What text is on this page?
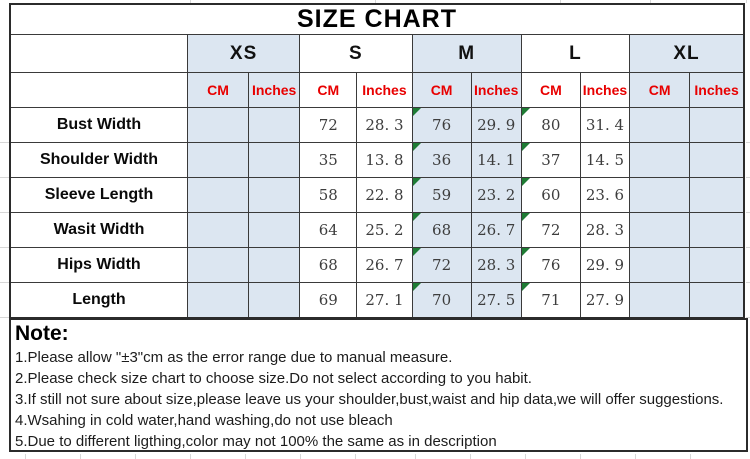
SIZE CHART										
	XS		S		M		L		XL	
	CM	Inches	CM	Inches	CM	Inches	CM	Inches	CM	Inches
Bust Width			72	28. 3	76	29. 9	80	31. 4		
Shoulder Width			35	13. 8	36	14. 1	37	14. 5		
Sleeve Length			58	22. 8	59	23. 2	60	23. 6		
Wasit Width			64	25. 2	68	26. 7	72	28. 3		
Hips Width			68	26. 7	72	28. 3	76	29. 9		
Length			69	27. 1	70	27. 5	71	27. 9		
Note:
1.Please allow "±3"cm as the error range due to manual measure.
2.Please check size chart to choose size.Do not select according to you habit.
3.If still not sure about size,please leave us your shoulder,bust,waist and hip data,we will offer suggestions.
4.Wsahing in cold water,hand washing,do not use bleach
5.Due to different ligthing,color may not 100% the same as in description
